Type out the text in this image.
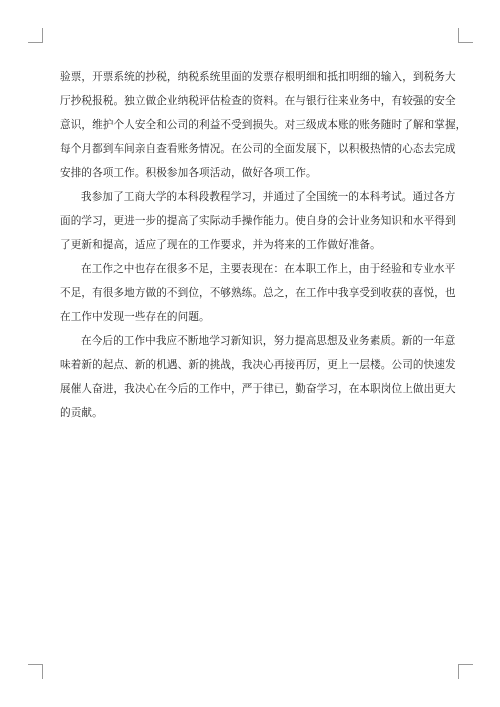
验票，开票系统的抄税，纳税系统里面的发票存根明细和抵扣明细的输入，到税务大
厅抄税报税。独立做企业纳税评估检查的资料。在与银行往来业务中，有较强的安全
意识，维护个人安全和公司的利益不受到损失。对三级成本账的账务随时了解和掌握，
每个月都到车间亲自查看账务情况。在公司的全面发展下，以积极热情的心态去完成
安排的各项工作。积极参加各项活动，做好各项工作。

我参加了工商大学的本科段教程学习，并通过了全国统一的本科考试。通过各方
面的学习，更进一步的提高了实际动手操作能力。使自身的会计业务知识和水平得到
了更新和提高，适应了现在的工作要求，并为将来的工作做好准备。

在工作之中也存在很多不足，主要表现在：在本职工作上，由于经验和专业水平
不足，有很多地方做的不到位，不够熟练。总之，在工作中我享受到收获的喜悦，也
在工作中发现一些存在的问题。

在今后的工作中我应不断地学习新知识，努力提高思想及业务素质。新的一年意
味着新的起点、新的机遇、新的挑战，我决心再接再厉，更上一层楼。公司的快速发
展催人奋进，我决心在今后的工作中，严于律已，勤奋学习，在本职岗位上做出更大
的贡献。
